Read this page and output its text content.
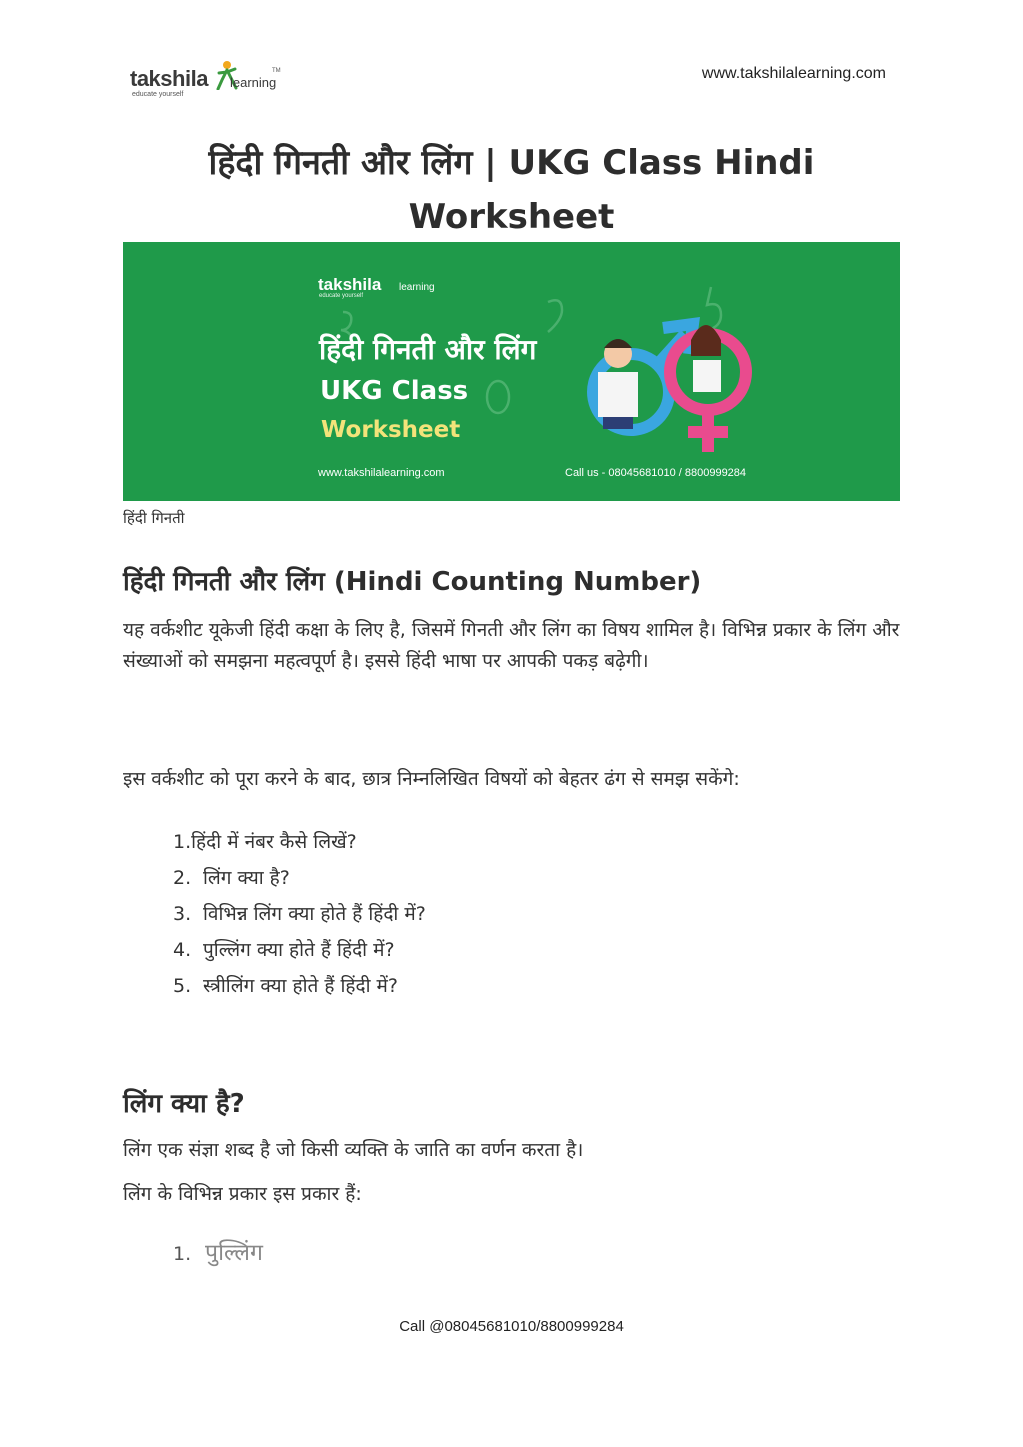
takshila learning
educate yourself
TM	www.takshilalearning.com
हिंदी गिनती और लिंग | UKG Class Hindi Worksheet
takshila learning
educate yourself
हिंदी गिनती और लिंग
UKG Class
Worksheet
www.takshilalearning.com	Call us - 08045681010 / 8800999284
हिंदी गिनती
हिंदी गिनती और लिंग (Hindi Counting Number)

यह वर्कशीट यूकेजी हिंदी कक्षा के लिए है, जिसमें गिनती और लिंग का विषय शामिल है। विभिन्न प्रकार के लिंग और संख्याओं को समझना महत्वपूर्ण है। इससे हिंदी भाषा पर आपकी पकड़ बढ़ेगी।

इस वर्कशीट को पूरा करने के बाद, छात्र निम्नलिखित विषयों को बेहतर ढंग से समझ सकेंगे:

1.हिंदी में नंबर कैसे लिखें?
2. लिंग क्या है?
3. विभिन्न लिंग क्या होते हैं हिंदी में?
4. पुल्लिंग क्या होते हैं हिंदी में?
5. स्त्रीलिंग क्या होते हैं हिंदी में?
लिंग क्या है?

लिंग एक संज्ञा शब्द है जो किसी व्यक्ति के जाति का वर्णन करता है।

लिंग के विभिन्न प्रकार इस प्रकार हैं:

1. पुल्लिंग
Call @08045681010/8800999284
